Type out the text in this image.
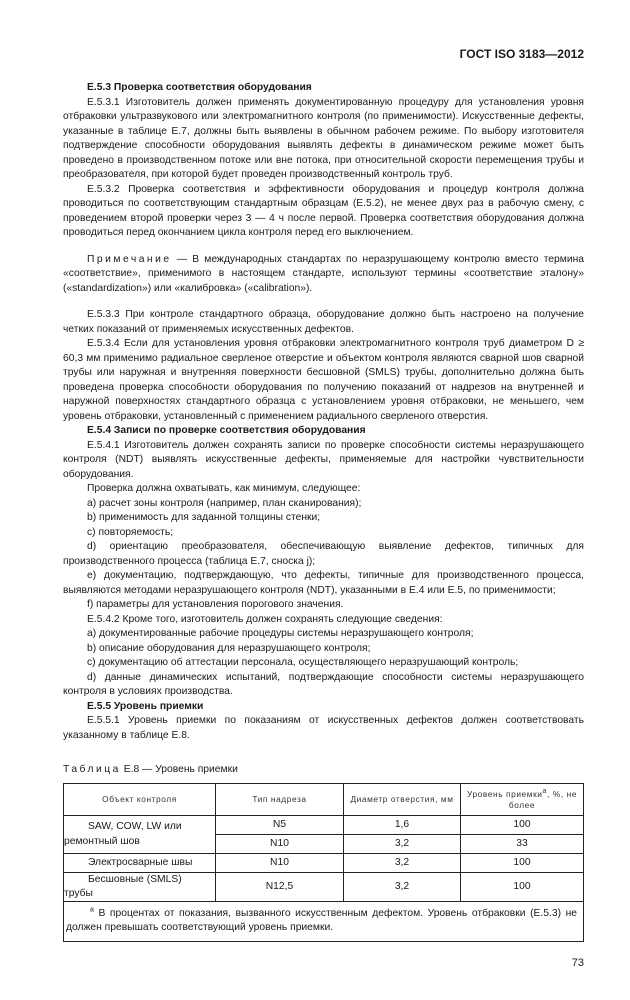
ГОСТ ISO 3183—2012

Е.5.3 Проверка соответствия оборудования

Е.5.3.1 Изготовитель должен применять документированную процедуру для установления уровня отбраковки ультразвукового или электромагнитного контроля (по применимости). Искусственные дефекты, указанные в таблице Е.7, должны быть выявлены в обычном рабочем режиме. По выбору изготовителя подтверждение способности оборудования выявлять дефекты в динамическом режиме может быть проведено в производственном потоке или вне потока, при относительной скорости перемещения трубы и преобразователя, при которой будет проведен производственный контроль труб.

Е.5.3.2 Проверка соответствия и эффективности оборудования и процедур контроля должна проводиться по соответствующим стандартным образцам (Е.5.2), не менее двух раз в рабочую смену, с проведением второй проверки через 3 — 4 ч после первой. Проверка соответствия оборудования должна проводиться перед окончанием цикла контроля перед его выключением.

Примечание — В международных стандартах по неразрушающему контролю вместо термина «соответствие», применимого в настоящем стандарте, используют термины «соответствие эталону» («standardization») или «калибровка» («calibration»).

Е.5.3.3 При контроле стандартного образца, оборудование должно быть настроено на получение четких показаний от применяемых искусственных дефектов.

Е.5.3.4 Если для установления уровня отбраковки электромагнитного контроля труб диаметром D ≥ 60,3 мм применимо радиальное сверленое отверстие и объектом контроля являются сварной шов сварной трубы или наружная и внутренняя поверхности бесшовной (SMLS) трубы, дополнительно должна быть проведена проверка способности оборудования по получению показаний от надрезов на внутренней и наружной поверхностях стандартного образца с установлением уровня отбраковки, не меньшего, чем уровень отбраковки, установленный с применением радиального сверленого отверстия.

Е.5.4 Записи по проверке соответствия оборудования

Е.5.4.1 Изготовитель должен сохранять записи по проверке способности системы неразрушающего контроля (NDT) выявлять искусственные дефекты, применяемые для настройки чувствительности оборудования.

Проверка должна охватывать, как минимум, следующее:

a) расчет зоны контроля (например, план сканирования);

b) применимость для заданной толщины стенки;

c) повторяемость;

d) ориентацию преобразователя, обеспечивающую выявление дефектов, типичных для производственного процесса (таблица Е.7, сноска j);

e) документацию, подтверждающую, что дефекты, типичные для производственного процесса, выявляются методами неразрушающего контроля (NDT), указанными в Е.4 или Е.5, по применимости;

f) параметры для установления порогового значения.

Е.5.4.2 Кроме того, изготовитель должен сохранять следующие сведения:

a) документированные рабочие процедуры системы неразрушающего контроля;

b) описание оборудования для неразрушающего контроля;

c) документацию об аттестации персонала, осуществляющего неразрушающий контроль;

d) данные динамических испытаний, подтверждающие способности системы неразрушающего контроля в условиях производства.

Е.5.5 Уровень приемки

Е.5.5.1 Уровень приемки по показаниям от искусственных дефектов должен соответствовать указанному в таблице Е.8.

Таблица Е.8 — Уровень приемки
Объект контроля	Тип надреза	Диаметр отверстия, мм	Уровень приемки$^а$, %, не более
SAW, COW, LW или ремонтный шов	N5	1,6	100
	N10	3,2	33
Электросварные швы	N10	3,2	100
Бесшовные (SMLS) трубы	N12,5	3,2	100
$^а$ В процентах от показания, вызванного искусственным дефектом. Уровень отбраковки (Е.5.3) не должен превышать соответствующий уровень приемки.			
73
